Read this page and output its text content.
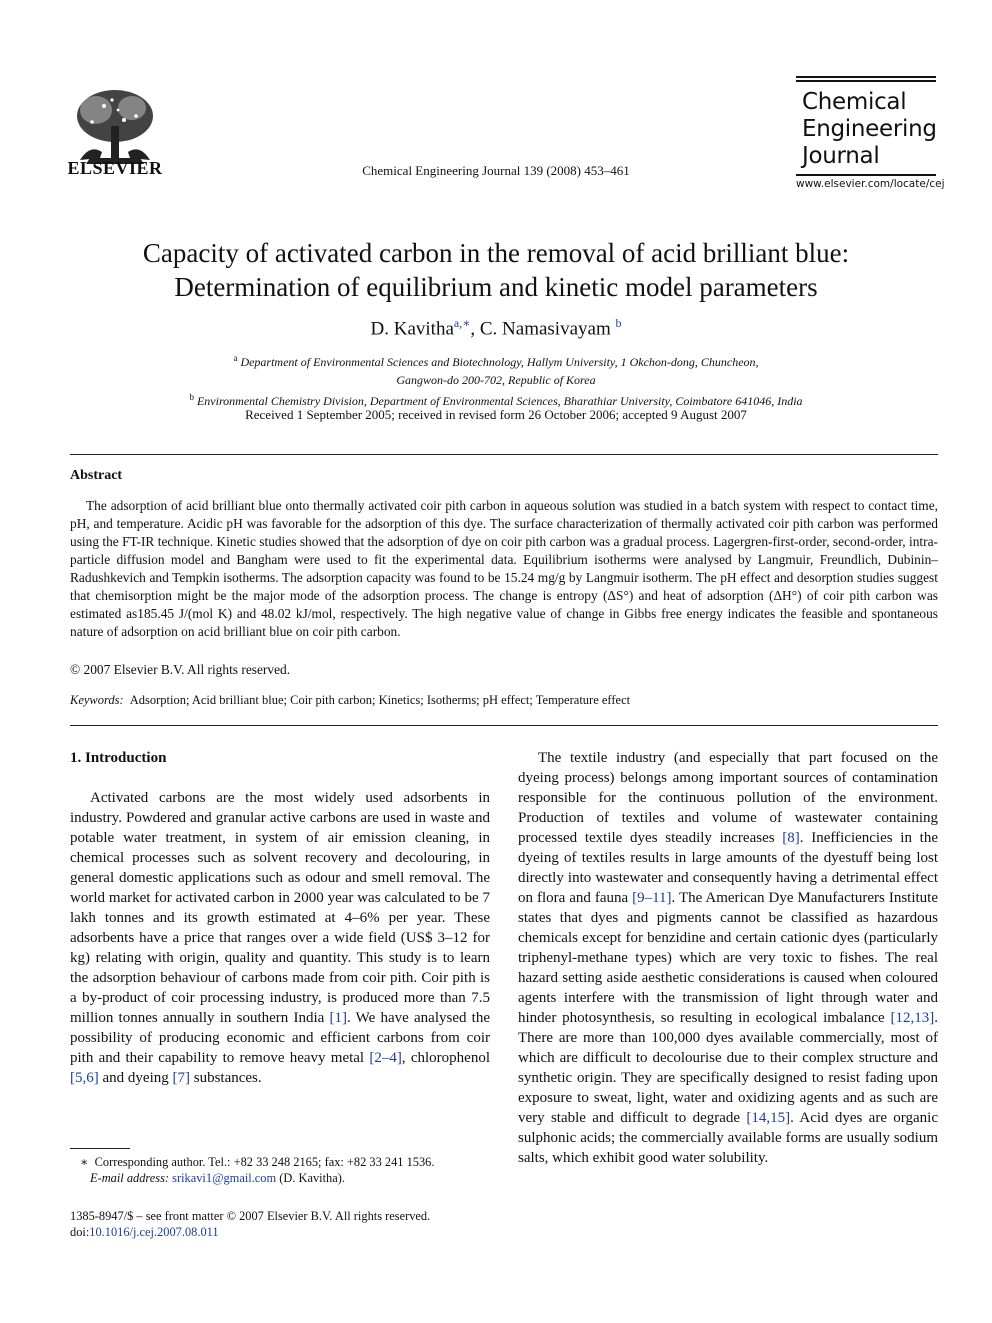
ELSEVIER	Chemical Engineering Journal 139 (2008) 453–461
Chemical
Engineering
Journal
www.elsevier.com/locate/cej
Capacity of activated carbon in the removal of acid brilliant blue:
Determination of equilibrium and kinetic model parameters
D. Kavitha$^{a,∗}$, C. Namasivayam $^b$
$^a$ Department of Environmental Sciences and Biotechnology, Hallym University, 1 Okchon-dong, Chuncheon,
Gangwon-do 200-702, Republic of Korea
$^b$ Environmental Chemistry Division, Department of Environmental Sciences, Bharathiar University, Coimbatore 641046, India
Received 1 September 2005; received in revised form 26 October 2006; accepted 9 August 2007
Abstract
The adsorption of acid brilliant blue onto thermally activated coir pith carbon in aqueous solution was studied in a batch system with respect to contact time, pH, and temperature. Acidic pH was favorable for the adsorption of this dye. The surface characterization of thermally activated coir pith carbon was performed using the FT-IR technique. Kinetic studies showed that the adsorption of dye on coir pith carbon was a gradual process. Lagergren-first-order, second-order, intra-particle diffusion model and Bangham were used to fit the experimental data. Equilibrium isotherms were analysed by Langmuir, Freundlich, Dubinin–Radushkevich and Tempkin isotherms. The adsorption capacity was found to be 15.24 mg/g by Langmuir isotherm. The pH effect and desorption studies suggest that chemisorption might be the major mode of the adsorption process. The change is entropy (ΔS°) and heat of adsorption (ΔH°) of coir pith carbon was estimated as185.45 J/(mol K) and 48.02 kJ/mol, respectively. The high negative value of change in Gibbs free energy indicates the feasible and spontaneous nature of adsorption on acid brilliant blue on coir pith carbon.
© 2007 Elsevier B.V. All rights reserved.
Keywords: Adsorption; Acid brilliant blue; Coir pith carbon; Kinetics; Isotherms; pH effect; Temperature effect
1. Introduction

Activated carbons are the most widely used adsorbents in industry. Powdered and granular active carbons are used in waste and potable water treatment, in system of air emission cleaning, in chemical processes such as solvent recovery and decolouring, in general domestic applications such as odour and smell removal. The world market for activated carbon in 2000 year was calculated to be 7 lakh tonnes and its growth estimated at 4–6% per year. These adsorbents have a price that ranges over a wide field (US$ 3–12 for kg) relating with origin, quality and quantity. This study is to learn the adsorption behaviour of carbons made from coir pith. Coir pith is a by-product of coir processing industry, is produced more than 7.5 million tonnes annually in southern India [1]. We have analysed the possibility of producing economic and efficient carbons from coir pith and their capability to remove heavy metal [2–4], chlorophenol [5,6] and dyeing [7] substances.

The textile industry (and especially that part focused on the dyeing process) belongs among important sources of contamination responsible for the continuous pollution of the environment. Production of textiles and volume of wastewater containing processed textile dyes steadily increases [8]. Inefficiencies in the dyeing of textiles results in large amounts of the dyestuff being lost directly into wastewater and consequently having a detrimental effect on flora and fauna [9–11]. The American Dye Manufacturers Institute states that dyes and pigments cannot be classified as hazardous chemicals except for benzidine and certain cationic dyes (particularly triphenyl-methane types) which are very toxic to fishes. The real hazard setting aside aesthetic considerations is caused when coloured agents interfere with the transmission of light through water and hinder photosynthesis, so resulting in ecological imbalance [12,13]. There are more than 100,000 dyes available commercially, most of which are difficult to decolourise due to their complex structure and synthetic origin. They are specifically designed to resist fading upon exposure to sweat, light, water and oxidizing agents and as such are very stable and difficult to degrade [14,15]. Acid dyes are organic sulphonic acids; the commercially available forms are usually sodium salts, which exhibit good water solubility.

∗ Corresponding author. Tel.: +82 33 248 2165; fax: +82 33 241 1536.
E-mail address: srikavi1@gmail.com (D. Kavitha).
1385-8947/$ – see front matter © 2007 Elsevier B.V. All rights reserved.
doi:10.1016/j.cej.2007.08.011
